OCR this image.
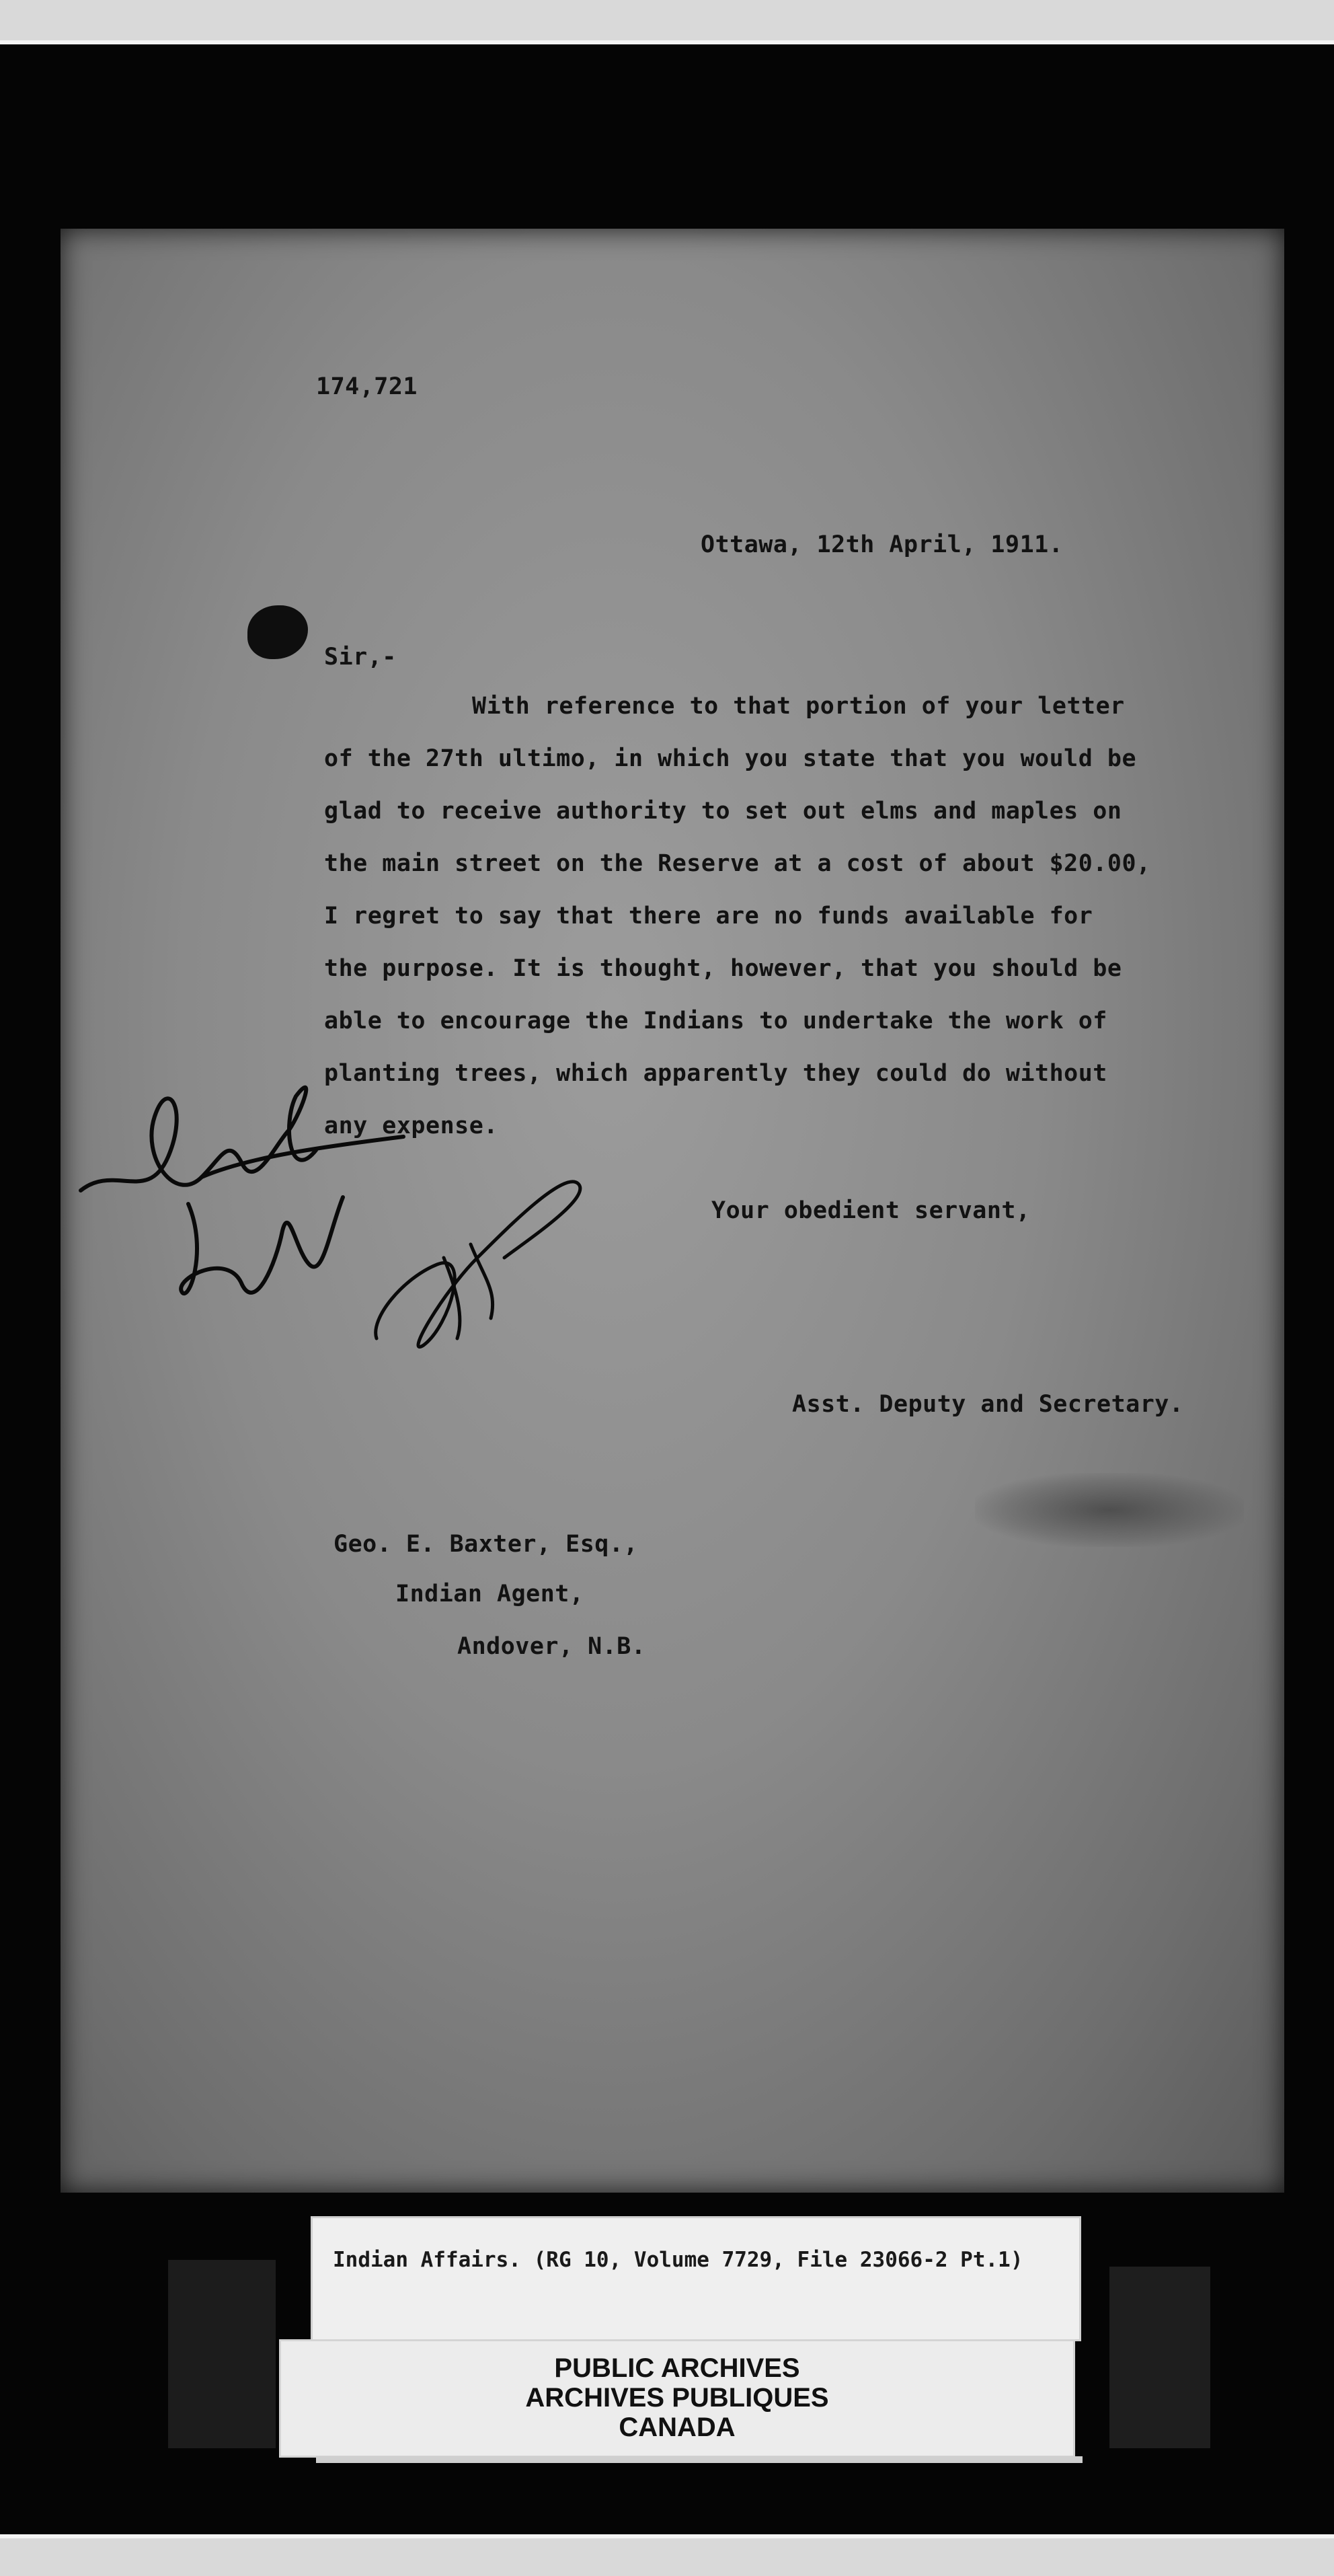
174,721
Ottawa, 12th April, 1911.
Sir,-
With reference to that portion of your letter
of the 27th ultimo, in which you state that you would be
glad to receive authority to set out elms and maples on
the main street on the Reserve at a cost of about $20.00,
I regret to say that there are no funds available for
the purpose. It is thought, however, that you should be
able to encourage the Indians to undertake the work of
planting trees, which apparently they could do without
any expense.
Your obedient servant,
Asst. Deputy and Secretary.
Geo. E. Baxter, Esq.,
Indian Agent,
Andover, N.B.
Indian Affairs. (RG 10, Volume 7729, File 23066-2 Pt.1)
PUBLIC ARCHIVES
ARCHIVES PUBLIQUES
CANADA
